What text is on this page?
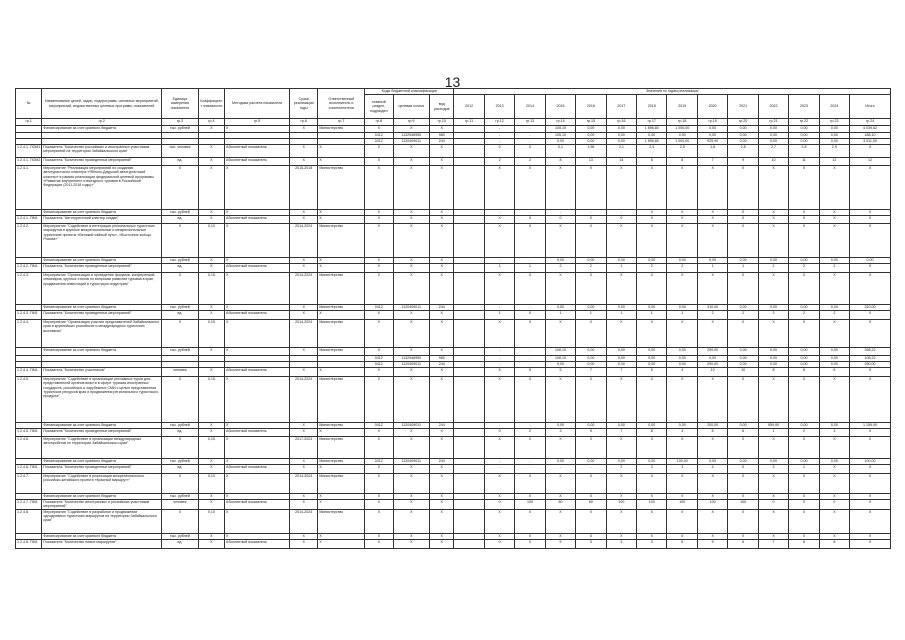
13
№	Наименование целей, задач, подпрограмм, основных мероприятий, мероприятий, ведомственных целевых программ, показателей	Единица измерения показателя	Коэффициент значимости	Методика расчета показателя	Сроки реализации годы	Ответственный исполнитель и соисполнители	Коды бюджетной классификации			Значения по годам реализации													
							главный раздел, подраздел	целевая статья	вид расходов	2012	2013	2014	2015	2016	2017	2018	2019	2020	2021	2022	2023	2024	Итого
гр.1	гр.2	гр.3	гр.4	гр.5	гр.6	гр.7	гр.8	гр.9	гр.10	гр.11	гр.12	гр.13	гр.14	гр.15	гр.16	гр.17	гр.18	гр.19	гр.20	гр.21	гр.22	гр.23	гр.24
	Финансирование за счет краевого бюджета	тыс. рублей	X	X	X	Министерство	X	X	X		-	-	105,10	0,00	0,00	1 896,80	1 000,00	0,00	0,00	0,00	0,00	0,00	4 039,62
							0412	1132946950	980		-	-	105,10	0,00	0,00	0,00	0,00	0,00	0,00	0,00	0,00	0,00	188,10
							0412	1120409011	244		-	-	0,00	0,00	0,00	1 896,80	1 000,00	925,90	0,00	0,00	0,00	0,00	3 911,50
1.2.4.1. ПОМ1	Показатель "Количество российских и иностранных участников мероприятий на территории Забайкальского края"	тыс. человек	X	Абсолютный показатель	X	X	X	X	X		0	0	0,1	1,96	2,1	2,4	2,5	1,8	2,8	2,7	2,8	2,9	X
1.2.4.1. ПОМ2	Показатель "Количество проведенных мероприятий"	ед.	X	Абсолютный показатель	X	X	X	X	X		2	2	8	13	14	5	8	7	9	10	11	12	12
1.2.4.1.	Мероприятие "Реализация мероприятий по созданию автотуристского кластера «Яблоно-Даурский автотуристский кластер» в рамках реализации федеральной целевой программы «Развитие внутреннего и въездного туризма в Российской Федерации (2011-2018 годы)»"	X	X	X	2015-2018	Министерство	X	X	X		X	X	X	X	X	X	X	X	X	X	X	X	X
	Финансирование за счет краевого бюджета	тыс. рублей	X	X	X	X	X	X	X		-	-	-	-	-	X	X	X	X	X	X	X	X
1.2.4.1. ПМ1	Показатель "Автотуристский кластер создан"	ед.	X	Абсолютный показатель	X	X	X	X	X		X	X	0	0	0	X	X	X	X	X	X	X	X
1.2.4.2.	Мероприятие "Содействие в интеграции региональных туристских маршрутов в крупные межрегиональные и межрегиональные туристские проекты «Великий чайный путь», «Восточное кольцо России»"	X	0,10	X	2014-2024	Министерство	X	X	X		X	X	X	X	X	X	X	X	X	X	X	X	X
	Финансирование за счет краевого бюджета	тыс. рублей	X	X	X	X	X	X	X		-	-	0,00	0,00	0,00	0,00	0,00	0,00	0,00	0,00	0,00	0,00	0,00
1.2.4.2. ПМ1	Показатель "Количество проведенных мероприятий"	ед.	X	Абсолютный показатель	X	X	X	X	X		1	1	2	2	1	2	2	1	1	2	2	2	X
1.2.4.3.	Мероприятие "Организация и проведение форумов, конференций, семинаров, круглых столов по вопросам развития туризма в крае, продвижения инвестиций в туристскую индустрию"	X	0,15	X	2014-2024	Министерство	X	X	X		X	X	X	X	X	X	X	X	X	X	X	X	X
	Финансирование за счет краевого бюджета	тыс. рублей	X	X	X	Министерство	0412	1120409011	244		-	-	0,00	0,00	0,00	0,00	0,00	310,00	0,00	0,00	0,00	0,00	310,00
1.2.4.3. ПМ1	Показатель "Количество проведенных мероприятий"	ед.	X	Абсолютный показатель	X	X	X	X	X		1	0	1	1	1	1	1	2	2	2	2	2	X
1.2.4.4.	Мероприятие "Организация участия представителей Забайкальского края в крупнейших российских и международных туристских выставках"	X	0,15	X	2014-2024	Министерство	X	X	X		X	X	X	X	X	X	X	X	X	X	X	X	X
	Финансирование за счет краевого бюджета	тыс. рублей	X	X	X	Министерство	X	X	X		-	-	108,10	0,00	0,00	0,00	0,00	290,00	0,00	0,00	0,00	0,00	398,22
							0412	1132946950	980		-	-	108,10	0,00	0,00	0,00	0,00	0,00	0,00	0,00	0,00	0,00	108,22
							0412	1120409011	244		-	-	0,00	0,00	0,00	0,00	0,00	290,00	0,00	0,00	0,00	0,00	290,00
1.2.4.4. ПМ1	Показатель "Количество участников"	человек	X	Абсолютный показатель	X	X	X	X	X		5	5	5	7	7	5	4	10	10	8	8	8	X
1.2.4.5.	Мероприятие "Содействие в организации рекламных туров для представителей органов власти в сфере туризма иностранных государств, российских и зарубежных СМИ с целью представления туристских ресурсов края и продвижения регионального туристского продукта"	X	0,15	X	2014-2024	Министерство	X	X	X		X	X	X	X	X	X	X	X	X	X	X	X	X
	Финансирование за счет краевого бюджета	тыс. рублей	X	X	X	Министерство	0412	1120409011	244		-	-	0,00	0,00	0,00	0,00	0,00	200,00	0,00	959,90	0,00	0,00	1 159,90
1.2.4.5. ПМ1	Показатель "Количество проведенных мероприятий"	ед.	X	Абсолютный показатель	X	X	X	X	X		0	2	3	5	7	8	4	5	6	1	2	3	X
1.2.4.6.	Мероприятие "Содействие в организации международных автопробегов по территории Забайкальского края"	X	0,15	X	2017-2024	Министерство	X	X	X		X	X	X	X	X	X	X	X	X	X	X	X	X
	Финансирование за счет краевого бюджета	тыс. рублей	X	X	X	Министерство	0412	1120409011	244		-	-	0,00	0,00	0,00	0,00	100,00	0,00	0,00	0,00	0,00	0,00	100,00
1.2.4.6. ПМ1	Показатель "Количество проведенных мероприятий"	ед.	X	Абсолютный показатель	X	X	X	X	X		-	-	-	-	2	3	3	4	0	3	1	X	X
1.2.4.7.	Мероприятие "Содействие в реализации межрегионального российско-китайского проекта «Красный маршрут»"	X	0,10	X	2014-2024	Министерство	X	X	X		X	X	X	X	X	X	X	X	X	X	X	X	X
	Финансирование за счет краевого бюджета	тыс. рублей	X	X	X	X	X	X	X		X	X	X	X	X	X	X	X	X	X	X	X	X
1.2.4.7. ПМ1	Показатель "Количество иностранных и российских участников мероприятий"	человек	X	Абсолютный показатель	X	X	X	X	X		0	100	60	60	100	100	100	100	100	0	0	0	X
1.2.4.8.	Мероприятие "Содействие в разработке и продвижении однодневных туристских маршрутов на территории Забайкальского края"	X	0,10	X	2014-2024	Министерство	X	X	X		X	X	X	X	X	X	X	X	X	X	X	X	X
	Финансирование за счет краевого бюджета	тыс. рублей	X	X	X	X	X	X	X		X	X	X	X	X	X	X	X	X	X	X	X	X
1.2.4.8. ПМ1	Показатель "Количество новых маршрутов"	ед.	X	Абсолютный показатель	X	X	X	X	X		0	0	5	3	3	3	5	5	6	7	8	8	X
